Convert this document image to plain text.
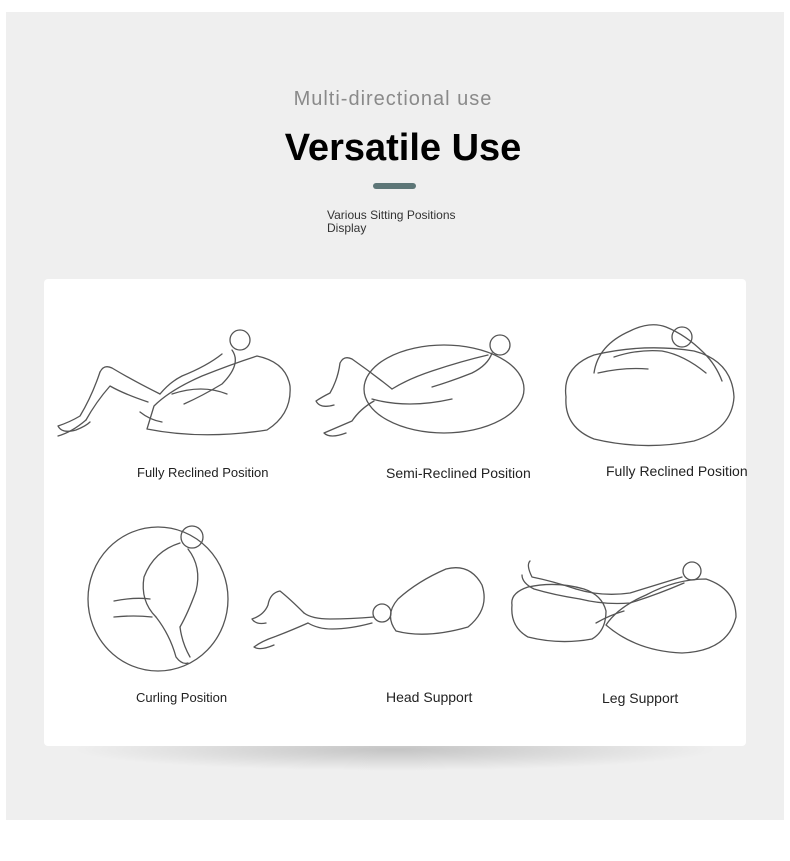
Multi-directional use
Versatile Use
Various Sitting Positions Display
Fully Reclined Position	Semi-Reclined Position	Fully Reclined Position
Curling Position	Head Support	Leg Support
